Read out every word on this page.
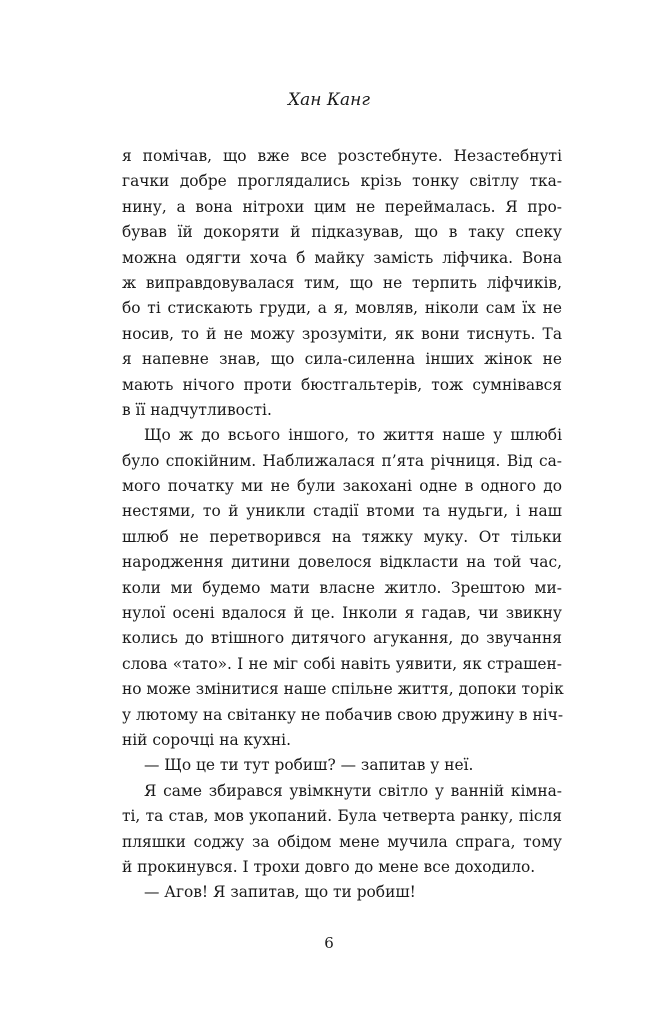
Хан Канг
я помічав, що вже все розстебнуте. Незастебнуті
гачки добре проглядались крізь тонку світлу тка-
нину, а вона нітрохи цим не переймалась. Я про-
бував їй докоряти й підказував, що в таку спеку
можна одягти хоча б майку замість ліфчика. Вона
ж виправдовувалася тим, що не терпить ліфчиків,
бо ті стискають груди, а я, мовляв, ніколи сам їх не
носив, то й не можу зрозуміти, як вони тиснуть. Та
я напевне знав, що сила-силенна інших жінок не
мають нічого проти бюстгальтерів, тож сумнівався
в її надчутливості.
Що ж до всього іншого, то життя наше у шлюбі
було спокійним. Наближалася п’ята річниця. Від са-
мого початку ми не були закохані одне в одного до
нестями, то й уникли стадії втоми та нудьги, і наш
шлюб не перетворився на тяжку муку. От тільки
народження дитини довелося відкласти на той час,
коли ми будемо мати власне житло. Зрештою ми-
нулої осені вдалося й це. Інколи я гадав, чи звикну
колись до втішного дитячого агукання, до звучання
слова «тато». І не міг собі навіть уявити, як страшен-
но може змінитися наше спільне життя, допоки торік
у лютому на світанку не побачив свою дружину в ніч-
ній сорочці на кухні.
— Що це ти тут робиш? — запитав у неї.
Я саме збирався увімкнути світло у ванній кімна-
ті, та став, мов укопаний. Була четверта ранку, після
пляшки соджу за обідом мене мучила спрага, тому
й прокинувся. І трохи довго до мене все доходило.
— Агов! Я запитав, що ти робиш!
6
